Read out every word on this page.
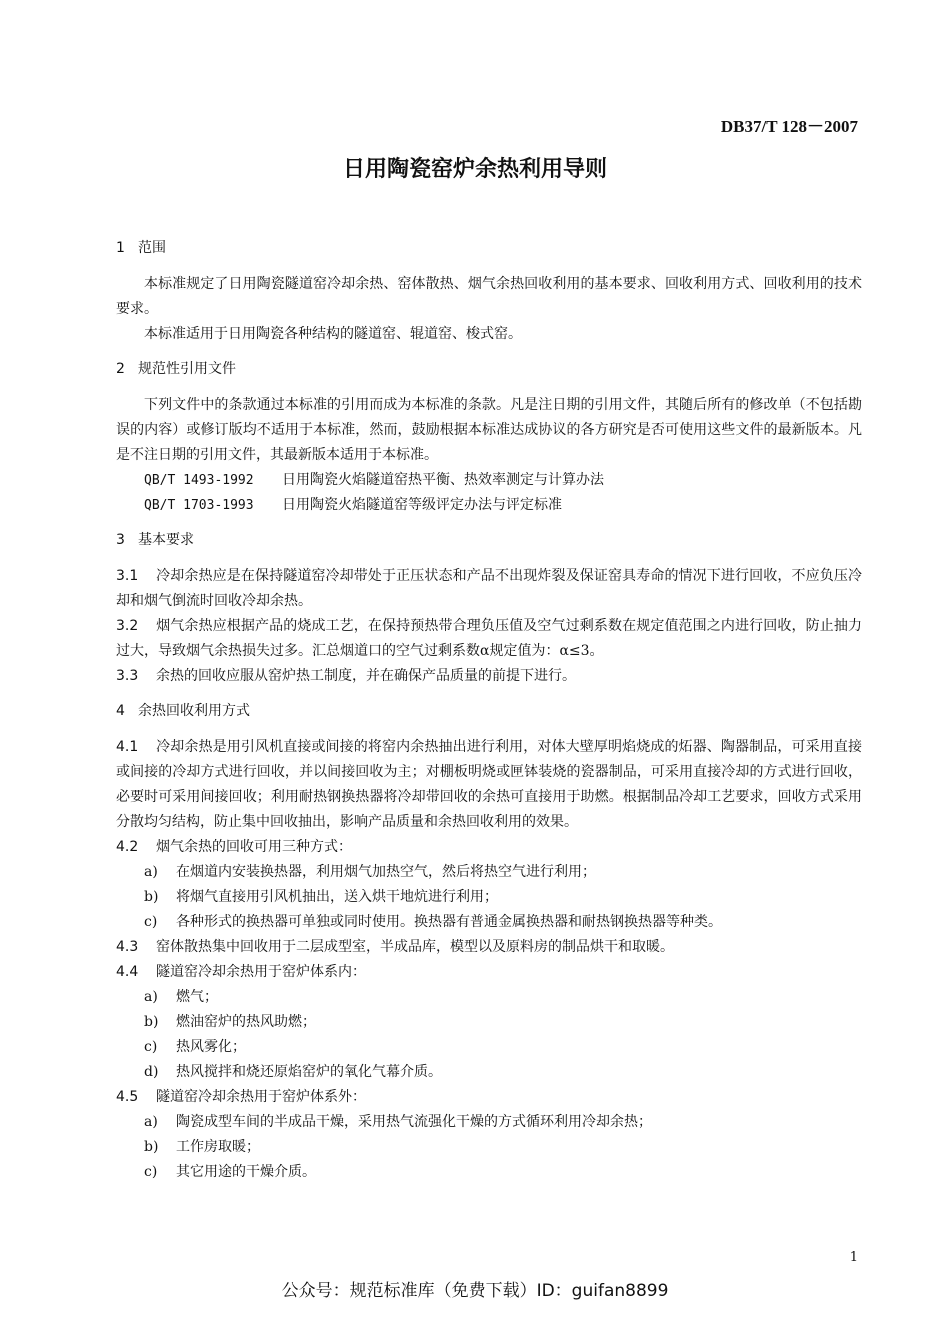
DB37/T 128－2007
日用陶瓷窑炉余热利用导则
1 范围
本标准规定了日用陶瓷隧道窑冷却余热、窑体散热、烟气余热回收利用的基本要求、回收利用方式、回收利用的技术要求。
本标准适用于日用陶瓷各种结构的隧道窑、辊道窑、梭式窑。
2 规范性引用文件
下列文件中的条款通过本标准的引用而成为本标准的条款。凡是注日期的引用文件，其随后所有的修改单（不包括勘误的内容）或修订版均不适用于本标准，然而，鼓励根据本标准达成协议的各方研究是否可使用这些文件的最新版本。凡是不注日期的引用文件，其最新版本适用于本标准。
QB/T 1493-1992 日用陶瓷火焰隧道窑热平衡、热效率测定与计算办法
QB/T 1703-1993 日用陶瓷火焰隧道窑等级评定办法与评定标准
3 基本要求
3.1 冷却余热应是在保持隧道窑冷却带处于正压状态和产品不出现炸裂及保证窑具寿命的情况下进行回收，不应负压冷却和烟气倒流时回收冷却余热。
3.2 烟气余热应根据产品的烧成工艺，在保持预热带合理负压值及空气过剩系数在规定值范围之内进行回收，防止抽力过大，导致烟气余热损失过多。汇总烟道口的空气过剩系数α规定值为：α≤3。
3.3 余热的回收应服从窑炉热工制度，并在确保产品质量的前提下进行。
4 余热回收利用方式
4.1 冷却余热是用引风机直接或间接的将窑内余热抽出进行利用，对体大壁厚明焰烧成的炻器、陶器制品，可采用直接或间接的冷却方式进行回收，并以间接回收为主；对棚板明烧或匣钵装烧的瓷器制品，可采用直接冷却的方式进行回收，必要时可采用间接回收；利用耐热钢换热器将冷却带回收的余热可直接用于助燃。根据制品冷却工艺要求，回收方式采用分散均匀结构，防止集中回收抽出，影响产品质量和余热回收利用的效果。
4.2 烟气余热的回收可用三种方式：
a) 在烟道内安装换热器，利用烟气加热空气，然后将热空气进行利用；
b) 将烟气直接用引风机抽出，送入烘干地炕进行利用；
c) 各种形式的换热器可单独或同时使用。换热器有普通金属换热器和耐热钢换热器等种类。
4.3 窑体散热集中回收用于二层成型室，半成品库，模型以及原料房的制品烘干和取暖。
4.4 隧道窑冷却余热用于窑炉体系内：
a) 燃气；
b) 燃油窑炉的热风助燃；
c) 热风雾化；
d) 热风搅拌和烧还原焰窑炉的氧化气幕介质。
4.5 隧道窑冷却余热用于窑炉体系外：
a) 陶瓷成型车间的半成品干燥，采用热气流强化干燥的方式循环利用冷却余热；
b) 工作房取暖；
c) 其它用途的干燥介质。
1
公众号：规范标准库（免费下载）ID：guifan8899
